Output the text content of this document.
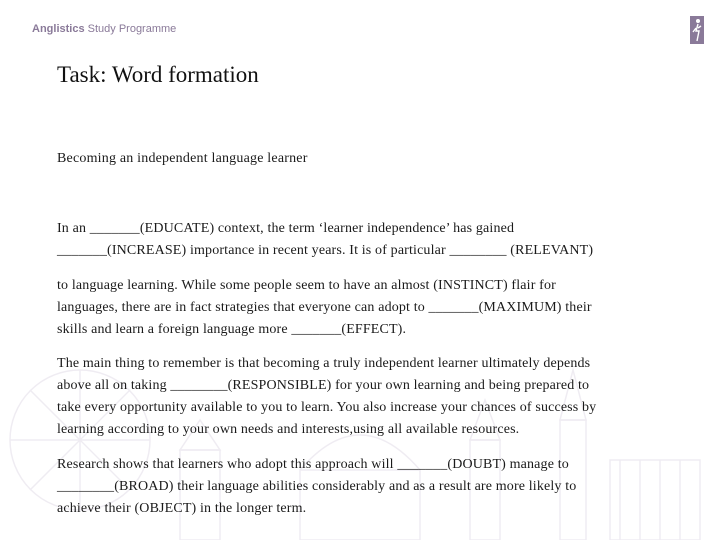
Anglistics Study Programme
Task: Word formation
Becoming an independent language learner

In an _______(EDUCATE) context, the term ‘learner independence’ has gained
_______(INCREASE) importance in recent years. It is of particular ________ (RELEVANT)

to language learning. While some people seem to have an almost (INSTINCT) flair for
languages, there are in fact strategies that everyone can adopt to _______(MAXIMUM) their
skills and learn a foreign language more _______(EFFECT).

The main thing to remember is that becoming a truly independent learner ultimately depends
above all on taking ________(RESPONSIBLE) for your own learning and being prepared to
take every opportunity available to you to learn. You also increase your chances of success by
learning according to your own needs and interests,using all available resources.

Research shows that learners who adopt this approach will _______(DOUBT) manage to
________(BROAD) their language abilities considerably and as a result are more likely to
achieve their (OBJECT) in the longer term.
